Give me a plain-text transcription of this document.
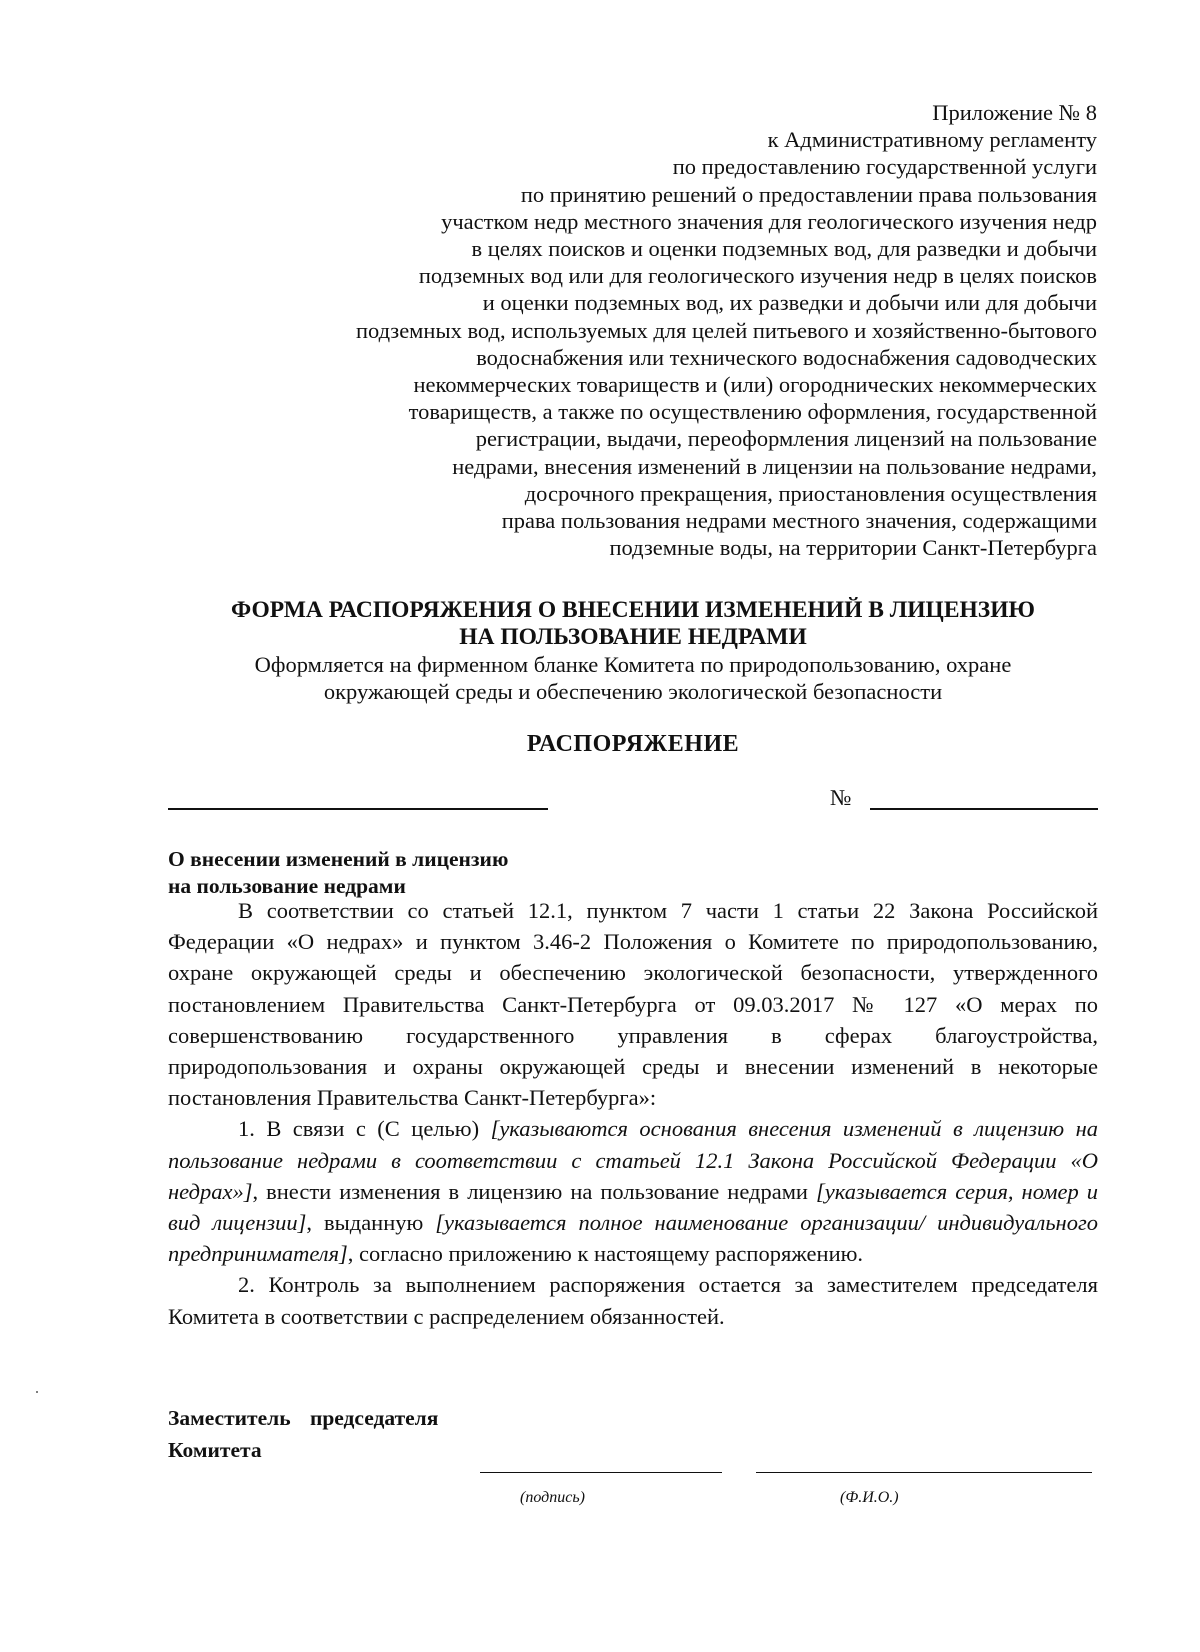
Приложение № 8
к Административному регламенту
по предоставлению государственной услуги
по принятию решений о предоставлении права пользования
участком недр местного значения для геологического изучения недр
в целях поисков и оценки подземных вод, для разведки и добычи
подземных вод или для геологического изучения недр в целях поисков
и оценки подземных вод, их разведки и добычи или для добычи
подземных вод, используемых для целей питьевого и хозяйственно-бытового
водоснабжения или технического водоснабжения садоводческих
некоммерческих товариществ и (или) огороднических некоммерческих
товариществ, а также по осуществлению оформления, государственной
регистрации, выдачи, переоформления лицензий на пользование
недрами, внесения изменений в лицензии на пользование недрами,
досрочного прекращения, приостановления осуществления
права пользования недрами местного значения, содержащими
подземные воды, на территории Санкт-Петербурга
ФОРМА РАСПОРЯЖЕНИЯ О ВНЕСЕНИИ ИЗМЕНЕНИЙ В ЛИЦЕНЗИЮ
НА ПОЛЬЗОВАНИЕ НЕДРАМИ
Оформляется на фирменном бланке Комитета по природопользованию, охране
окружающей среды и обеспечению экологической безопасности
РАСПОРЯЖЕНИЕ
№
О внесении изменений в лицензию
на пользование недрами

В соответствии со статьей 12.1, пунктом 7 части 1 статьи 22 Закона Российской Федерации «О недрах» и пунктом 3.46-2 Положения о Комитете по природопользованию, охране окружающей среды и обеспечению экологической безопасности, утвержденного постановлением Правительства Санкт-Петербурга от 09.03.2017 № 127 «О мерах по совершенствованию государственного управления в сферах благоустройства, природопользования и охраны окружающей среды и внесении изменений в некоторые постановления Правительства Санкт-Петербурга»:

1. В связи с (С целью) [указываются основания внесения изменений в лицензию на пользование недрами в соответствии с статьей 12.1 Закона Российской Федерации «О недрах»], внести изменения в лицензию на пользование недрами [указывается серия, номер и вид лицензии], выданную [указывается полное наименование организации/ индивидуального предпринимателя], согласно приложению к настоящему распоряжению.

2. Контроль за выполнением распоряжения остается за заместителем председателя Комитета в соответствии с распределением обязанностей.

Заместитель председателя
Комитета
(подпись)	(Ф.И.О.)
